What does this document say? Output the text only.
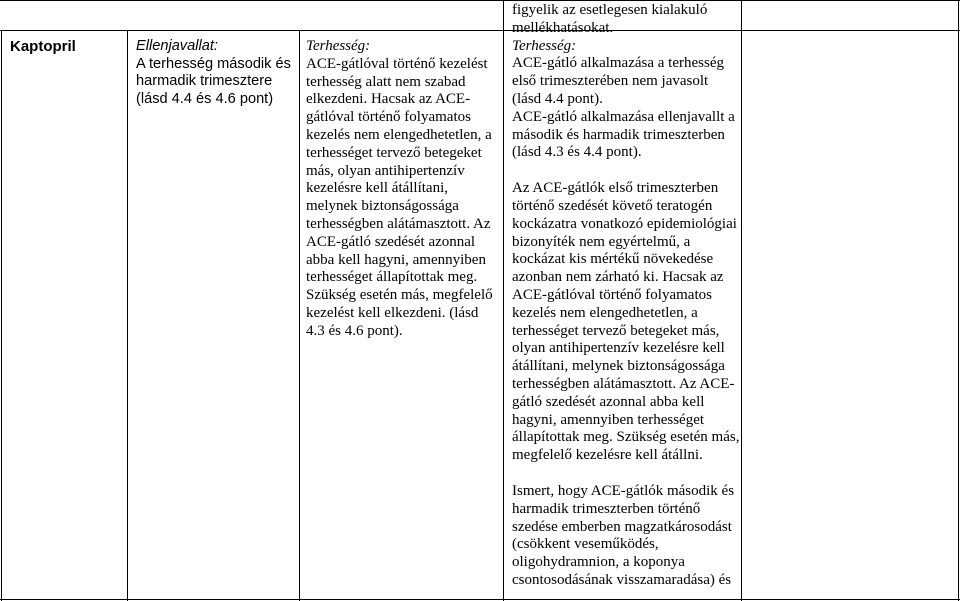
Kaptopril	Ellenjavallat:
A terhesség második és harmadik trimesztere (lásd 4.4 és 4.6 pont)
Terhesség:
ACE-gátlóval történő kezelést terhesség alatt nem szabad elkezdeni. Hacsak az ACE-gátlóval történő folyamatos kezelés nem elengedhetetlen, a terhességet tervező betegeket más, olyan antihipertenzív kezelésre kell átállítani, melynek biztonságossága terhességben alátámasztott. Az ACE-gátló szedését azonnal abba kell hagyni, amennyiben terhességet állapítottak meg. Szükség esetén más, megfelelő kezelést kell elkezdeni. (lásd 4.3 és 4.6 pont).
figyelik az esetlegesen kialakuló mellékhatásokat.
Terhesség:
ACE-gátló alkalmazása a terhesség első trimeszterében nem javasolt (lásd 4.4 pont).
ACE-gátló alkalmazása ellenjavallt a második és harmadik trimeszterben (lásd 4.3 és 4.4 pont).
Az ACE-gátlók első trimeszterben történő szedését követő teratogén kockázatra vonatkozó epidemiológiai bizonyíték nem egyértelmű, a kockázat kis mértékű növekedése azonban nem zárható ki. Hacsak az ACE-gátlóval történő folyamatos kezelés nem elengedhetetlen, a terhességet tervező betegeket más, olyan antihipertenzív kezelésre kell átállítani, melynek biztonságossága terhességben alátámasztott. Az ACE-gátló szedését azonnal abba kell hagyni, amennyiben terhességet állapítottak meg. Szükség esetén más, megfelelő kezelésre kell átállni.
Ismert, hogy ACE-gátlók második és harmadik trimeszterben történő szedése emberben magzatkárosodást (csökkent veseműködés, oligohydramnion, a koponya csontosodásának visszamaradása) és
